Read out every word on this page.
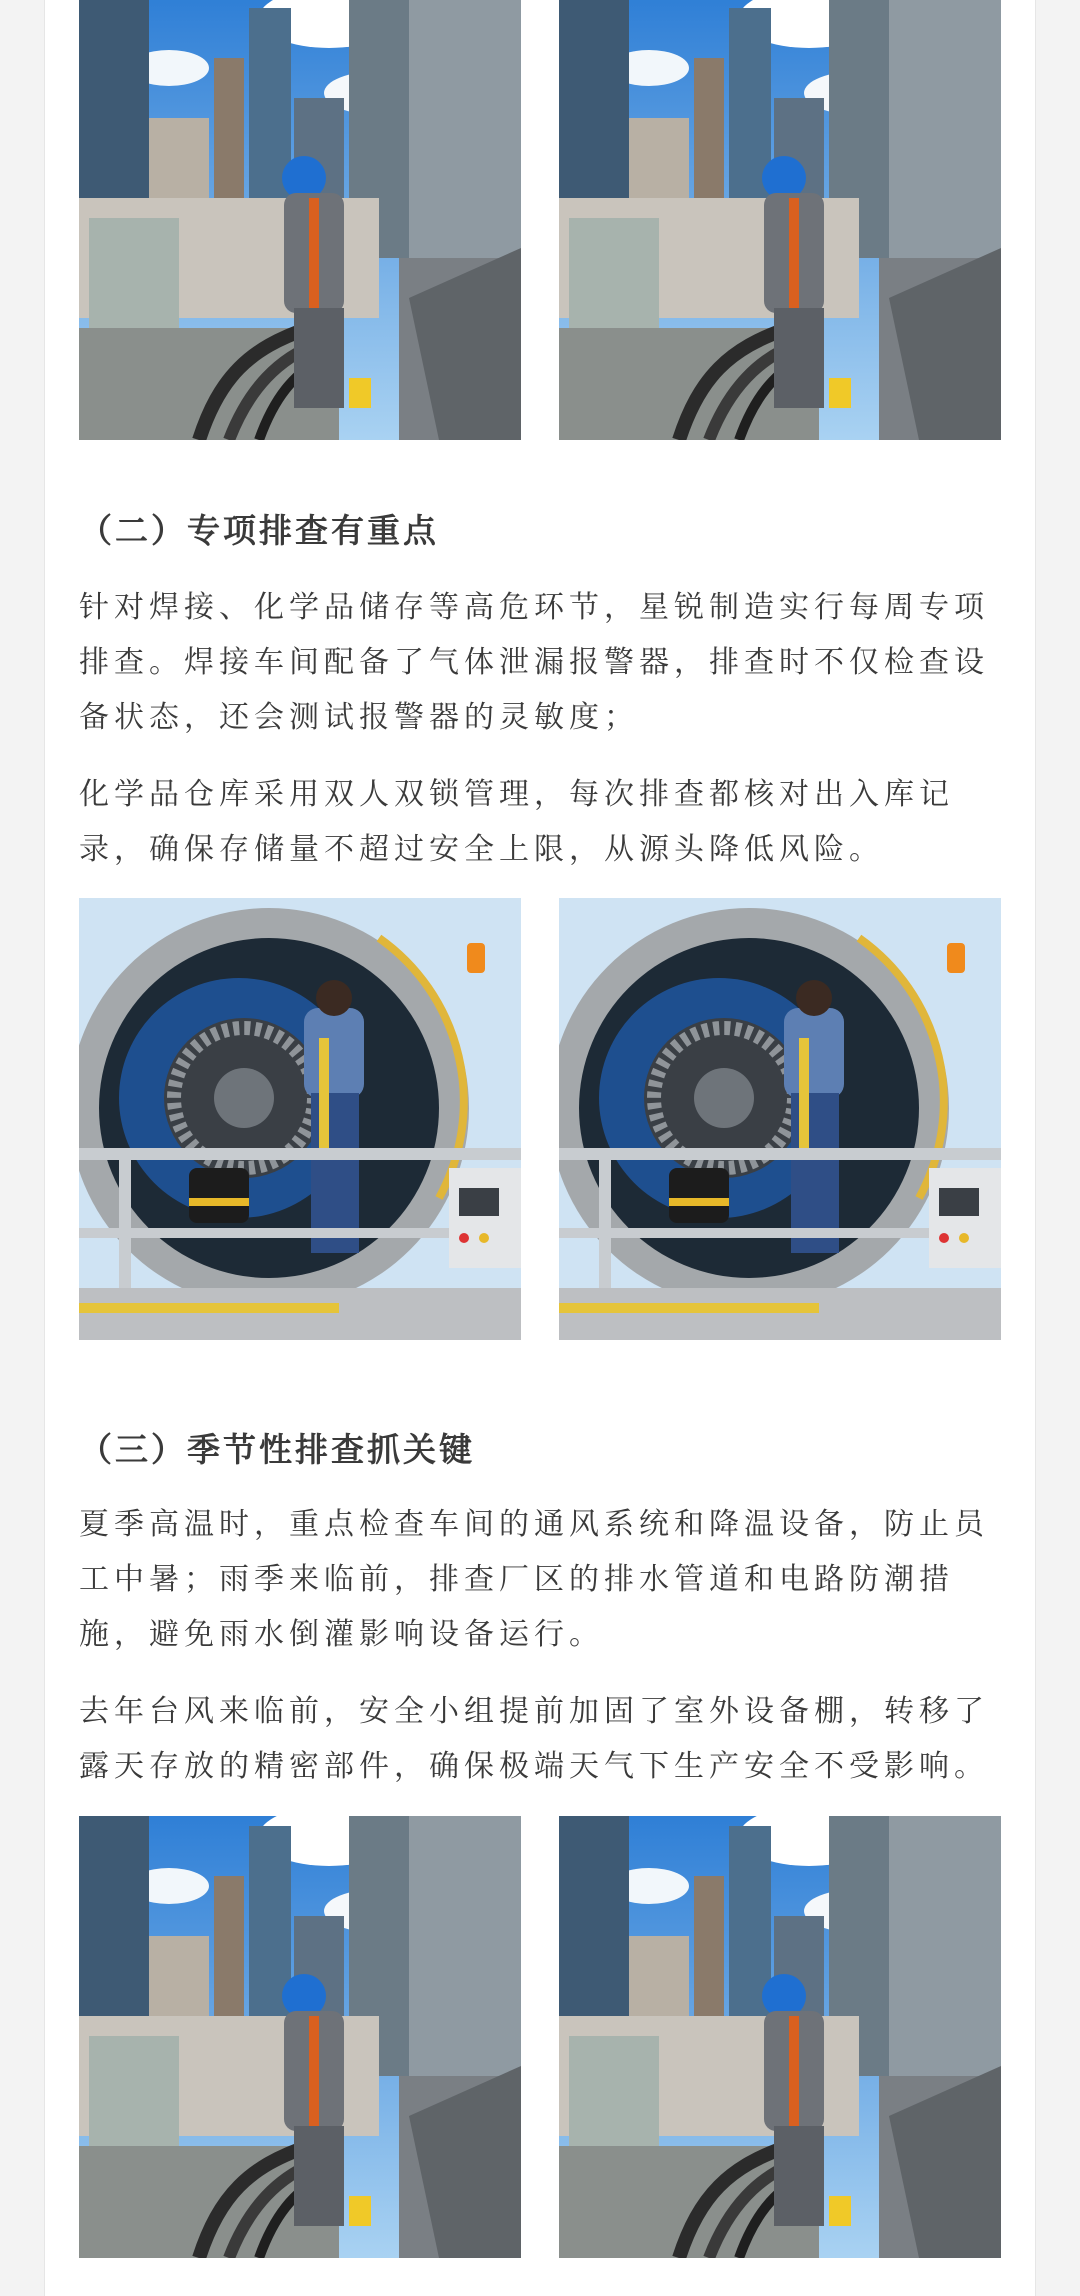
（二）专项排查有重点
针对焊接、化学品储存等高危环节，星锐制造实行每周专项排查。焊接车间配备了气体泄漏报警器，排查时不仅检查设备状态，还会测试报警器的灵敏度；
化学品仓库采用双人双锁管理，每次排查都核对出入库记录，确保存储量不超过安全上限，从源头降低风险。
（三）季节性排查抓关键
夏季高温时，重点检查车间的通风系统和降温设备，防止员工中暑；雨季来临前，排查厂区的排水管道和电路防潮措施，避免雨水倒灌影响设备运行。
去年台风来临前，安全小组提前加固了室外设备棚，转移了露天存放的精密部件，确保极端天气下生产安全不受影响。
